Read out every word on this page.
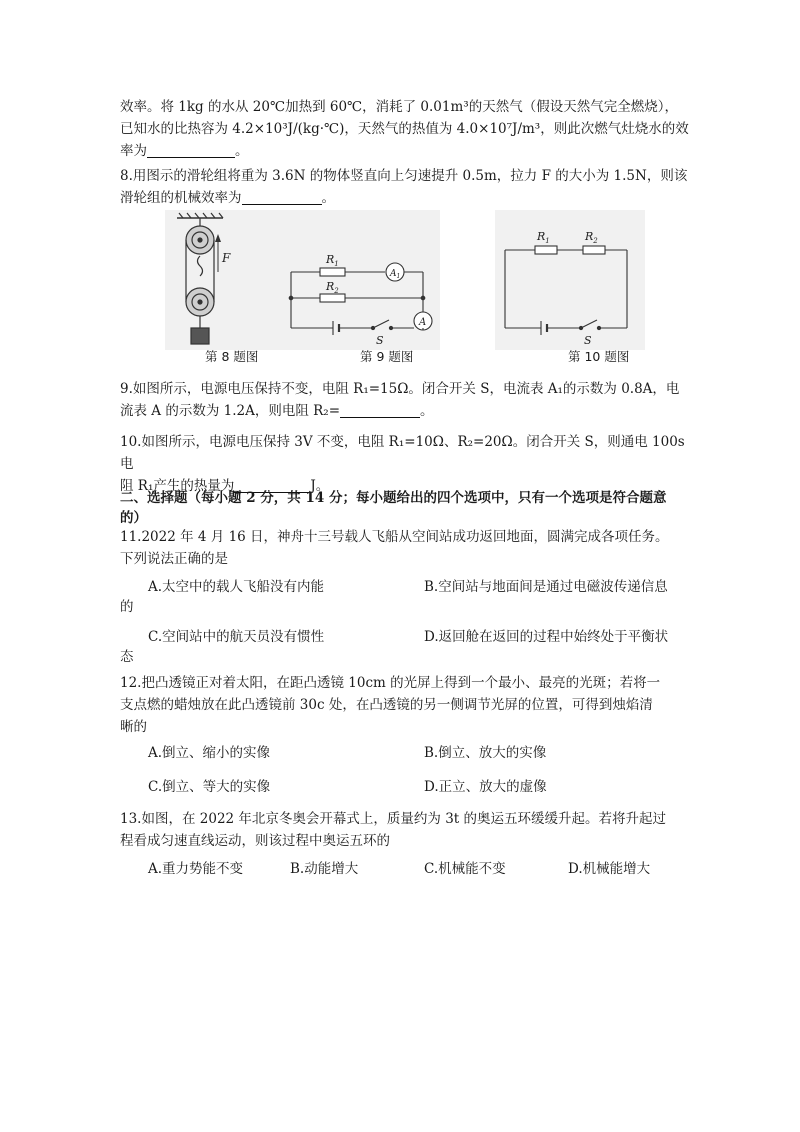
效率。将 1kg 的水从 20℃加热到 60℃，消耗了 0.01m³的天然气（假设天然气完全燃烧），
已知水的比热容为 4.2×10³J/(kg·℃)，天然气的热值为 4.0×10⁷J/m³，则此次燃气灶烧水的效
率为	。

8.用图示的滑轮组将重为 3.6N 的物体竖直向上匀速提升 0.5m，拉力 F 的大小为 1.5N，则该
滑轮组的机械效率为	。

F	$R_1$
$R_2$
$A_1$
A
S
$R_1$	$R_2$
S
第 8 题图	第 9 题图	第 10 题图

9.如图所示，电源电压保持不变，电阻 R₁=15Ω。闭合开关 S，电流表 A₁的示数为 0.8A，电
流表 A 的示数为 1.2A，则电阻 R₂=	。

10.如图所示，电源电压保持 3V 不变，电阻 R₁=10Ω、R₂=20Ω。闭合开关 S，则通电 100s 电
阻 R₁产生的热量为	J。

二、选择题（每小题 2 分，共 14 分；每小题给出的四个选项中，只有一个选项是符合题意
的）

11.2022 年 4 月 16 日，神舟十三号载人飞船从空间站成功返回地面，圆满完成各项任务。
下列说法正确的是

A.太空中的载人飞船没有内能	B.空间站与地面间是通过电磁波传递信息
的
C.空间站中的航天员没有惯性	D.返回舱在返回的过程中始终处于平衡状
态

12.把凸透镜正对着太阳，在距凸透镜 10cm 的光屏上得到一个最小、最亮的光斑；若将一
支点燃的蜡烛放在此凸透镜前 30c 处，在凸透镜的另一侧调节光屏的位置，可得到烛焰清
晰的

A.倒立、缩小的实像	B.倒立、放大的实像
C.倒立、等大的实像	D.正立、放大的虚像

13.如图，在 2022 年北京冬奥会开幕式上，质量约为 3t 的奥运五环缓缓升起。若将升起过
程看成匀速直线运动，则该过程中奥运五环的

A.重力势能不变	B.动能增大	C.机械能不变	D.机械能增大
